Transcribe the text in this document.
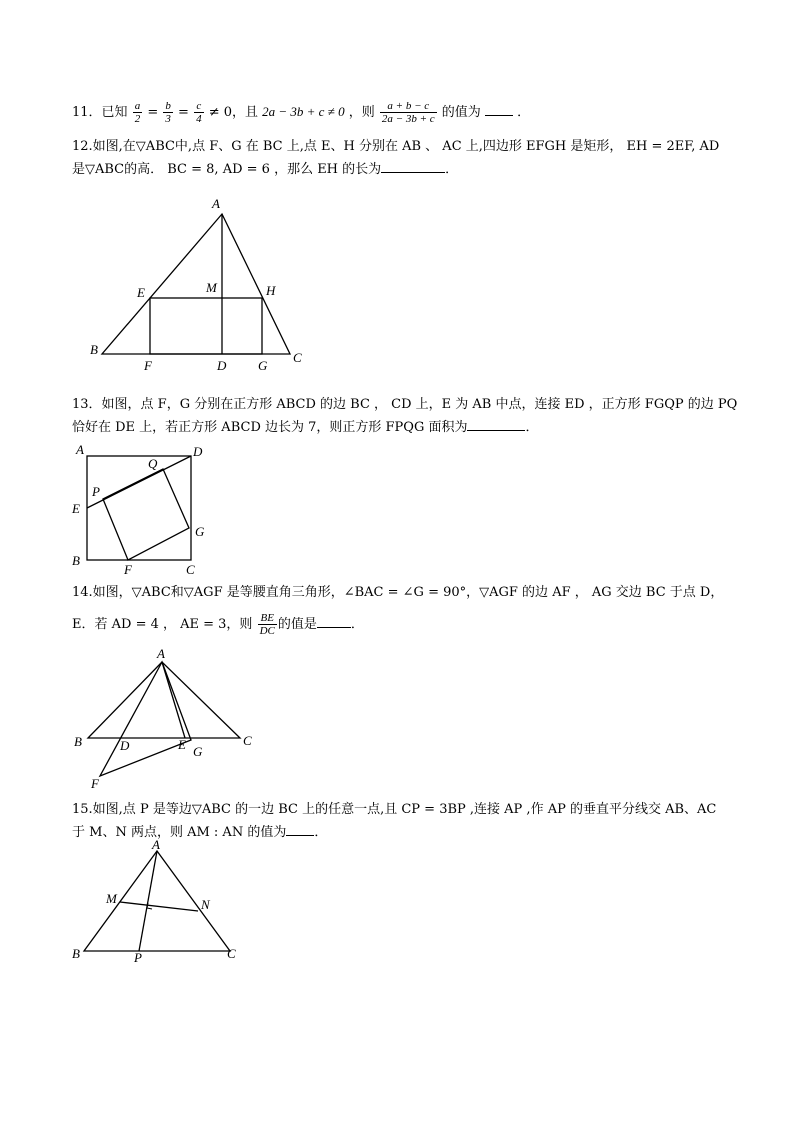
11．已知 $\frac{a}{2} = \frac{b}{3} = \frac{c}{4} \ne 0$，且 2a − 3b + c ≠ 0 ，则 $\frac{a + b - c}{2a - 3b + c}$ 的值为	．
12.如图,在▽ABC中,点 F、G 在 BC 上,点 E、H 分别在 AB 、 AC 上,四边形 EFGH 是矩形， EH = 2EF, AD
是▽ABC的高． BC = 8, AD = 6 ，那么 EH 的长为	．
A
B
C
D
E
F	G
H
M
13．如图，点 F，G 分别在正方形 ABCD 的边 BC ， CD 上，E 为 AB 中点，连接 ED ，正方形 FGQP 的边 PQ
恰好在 DE 上，若正方形 ABCD 边长为 7，则正方形 FPQG 面积为	．
A
B
C
D
E
F
G
P
Q
14.如图，▽ABC和▽AGF 是等腰直角三角形，∠BAC = ∠G = 90°，▽AGF 的边 AF ， AG 交边 BC 于点 D，
E．若 AD = 4 ， AE = 3，则 $\frac{BE}{DC}$ 的值是	．
A
B	C
D	E
F
G
15.如图,点 P 是等边▽ABC 的一边 BC 上的任意一点,且 CP = 3BP ,连接 AP ,作 AP 的垂直平分线交 AB、AC
于 M、N 两点，则 AM : AN 的值为 ．
A
B	C
M	N
P
